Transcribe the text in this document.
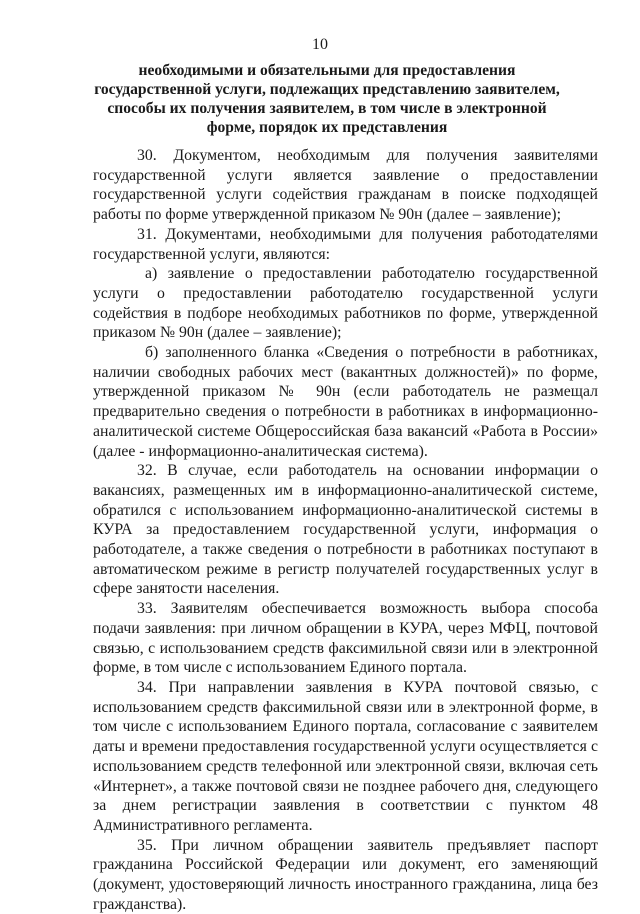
10
необходимыми и обязательными для предоставления государственной услуги, подлежащих представлению заявителем, способы их получения заявителем, в том числе в электронной форме, порядок их представления

30. Документом, необходимым для получения заявителями государственной услуги является заявление о предоставлении государственной услуги содействия гражданам в поиске подходящей работы по форме утвержденной приказом № 90н (далее – заявление);

31. Документами, необходимыми для получения работодателями государственной услуги, являются:

а) заявление о предоставлении работодателю государственной услуги о предоставлении работодателю государственной услуги содействия в подборе необходимых работников по форме, утвержденной приказом № 90н (далее – заявление);

б) заполненного бланка «Сведения о потребности в работниках, наличии свободных рабочих мест (вакантных должностей)» по форме, утвержденной приказом № 90н (если работодатель не размещал предварительно сведения о потребности в работниках в информационно-аналитической системе Общероссийская база вакансий «Работа в России» (далее - информационно-аналитическая система).

32. В случае, если работодатель на основании информации о вакансиях, размещенных им в информационно-аналитической системе, обратился с использованием информационно-аналитической системы в КУРА за предоставлением государственной услуги, информация о работодателе, а также сведения о потребности в работниках поступают в автоматическом режиме в регистр получателей государственных услуг в сфере занятости населения.

33. Заявителям обеспечивается возможность выбора способа подачи заявления: при личном обращении в КУРА, через МФЦ, почтовой связью, с использованием средств факсимильной связи или в электронной форме, в том числе с использованием Единого портала.

34. При направлении заявления в КУРА почтовой связью, с использованием средств факсимильной связи или в электронной форме, в том числе с использованием Единого портала, согласование с заявителем даты и времени предоставления государственной услуги осуществляется с использованием средств телефонной или электронной связи, включая сеть «Интернет», а также почтовой связи не позднее рабочего дня, следующего за днем регистрации заявления в соответствии с пунктом 48 Административного регламента.

35. При личном обращении заявитель предъявляет паспорт гражданина Российской Федерации или документ, его заменяющий (документ, удостоверяющий личность иностранного гражданина, лица без гражданства).
